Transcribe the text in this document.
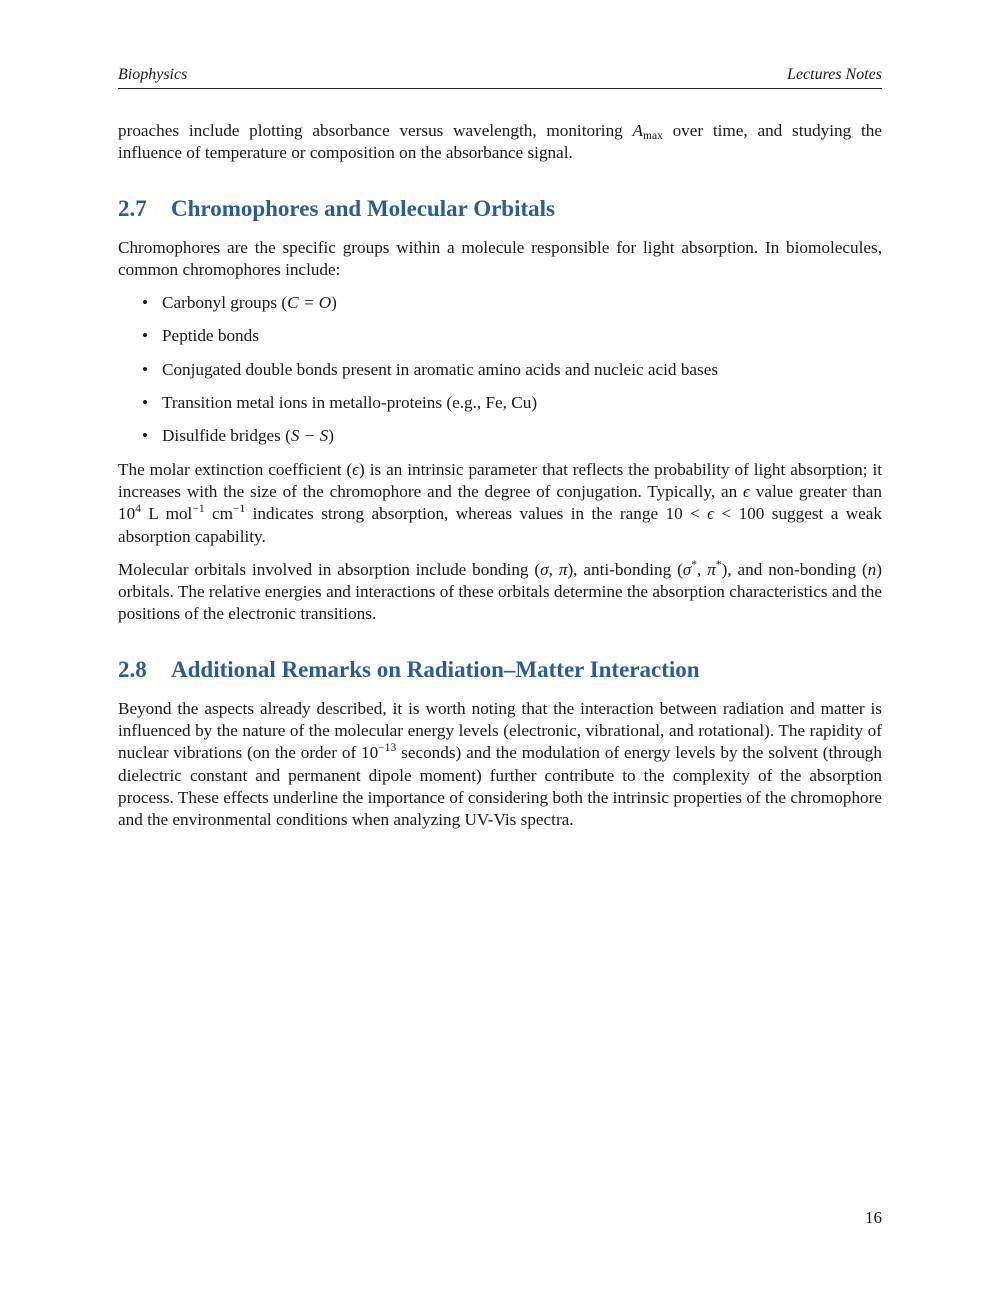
Biophysics	Lectures Notes

proaches include plotting absorbance versus wavelength, monitoring $A_{max}$ over time, and studying the influence of temperature or composition on the absorbance signal.

2.7 Chromophores and Molecular Orbitals

Chromophores are the specific groups within a molecule responsible for light absorption. In biomolecules, common chromophores include:

• Carbonyl groups (C = O)
• Peptide bonds
• Conjugated double bonds present in aromatic amino acids and nucleic acid bases
• Transition metal ions in metallo-proteins (e.g., Fe, Cu)
• Disulfide bridges (S − S)

The molar extinction coefficient (ϵ) is an intrinsic parameter that reflects the probability of light absorption; it increases with the size of the chromophore and the degree of conjugation. Typically, an ϵ value greater than $10^4$ L mol$^{-1}$ $cm^{-1}$ indicates strong absorption, whereas values in the range 10 < ϵ < 100 suggest a weak absorption capability.

Molecular orbitals involved in absorption include bonding (σ, π), anti-bonding (σ*, π*), and non-bonding (n) orbitals. The relative energies and interactions of these orbitals determine the absorption characteristics and the positions of the electronic transitions.

2.8 Additional Remarks on Radiation–Matter Interaction

Beyond the aspects already described, it is worth noting that the interaction between radiation and matter is influenced by the nature of the molecular energy levels (electronic, vibrational, and rotational). The rapidity of nuclear vibrations (on the order of $10^{-13}$ seconds) and the modulation of energy levels by the solvent (through dielectric constant and permanent dipole moment) further contribute to the complexity of the absorption process. These effects underline the importance of considering both the intrinsic properties of the chromophore and the environmental conditions when analyzing UV-Vis spectra.

16
